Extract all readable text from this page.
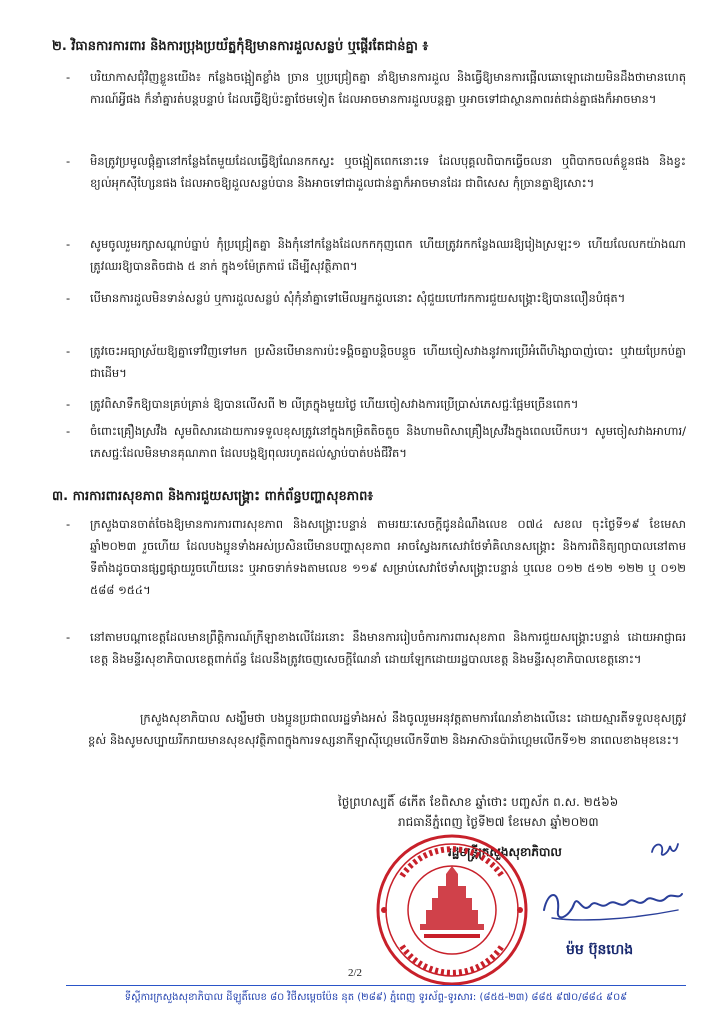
២. វិធានការការពារ និងការប្រុងប្រយ័ត្នកុំឱ្យមានការដួលសន្លប់ ឬផ្តើរតែជាន់គ្នា ៖
- បរិយាកាសជុំវិញខ្លួនយើង៖ កន្លែងចង្អៀតខ្លាំង ច្រាន ឬប្រជ្រៀតគ្នា នាំឱ្យមានការដួល និងធ្វើឱ្យមានការផ្អើលឆោឡោដោយមិនដឹងថាមានហេតុការណ៍អ្វីផង ក៏នាំគ្នារត់បន្តបន្ទាប់ ដែលធ្វើឱ្យប៉ះគ្នាថែមទៀត ដែលអាចមានការដួលបន្តគ្នា ឬអាចទៅជាស្ថានភាពរត់ជាន់គ្នាផងក៏អាចមាន។
- មិនត្រូវប្រមូលផ្តុំគ្នានៅកន្លែងតែមួយដែលធ្វើឱ្យណែនកកស្ទះ ឬចង្អៀតពេកនោះទេ ដែលបុគ្គលពិបាកធ្វើចលនា ឬពិបាកចលត៌ខ្លួនផង និងខ្វះខ្យល់អុកស៊ីហ្សែនផង ដែលអាចឱ្យដួលសន្លប់បាន និងអាចទៅជាដួលជាន់គ្នាក៏អាចមានដែរ ជាពិសេស កុំច្រានគ្នាឱ្យសោះ។
- សូមចូលរួមរក្សាសណ្តាប់ធ្នាប់ កុំប្រជ្រៀតគ្នា និងកុំនៅកន្លែងដែលកកកុញពេក ហើយត្រូវរកកន្លែងឈរឱ្យរៀងស្រឡះ១ ហើយលែលកយ៉ាងណាត្រូវឈរឱ្យបានតិចជាង ៥ នាក់ ក្នុង១ម៉ែត្រការ៉េ ដើម្បីសុវត្ថិភាព។
- បើមានការដួលមិនទាន់សន្លប់ ឬការដួលសន្លប់ សុំកុំនាំគ្នាទៅមើលអ្នកដួលនោះ សុំជួយហៅរកការជួយសង្គ្រោះឱ្យបានលឿនបំផុត។
- ត្រូវចេះអធ្យាស្រ័យឱ្យគ្នាទៅវិញទៅមក ប្រសិនបើមានការប៉ះទង្គិចគ្នាបន្តិចបន្តួច ហើយចៀសវាងនូវការប្រើអំពើហិង្សាបាញ់បោះ ឬវាយប្រែកប់គ្នា ជាដើម។
- ត្រូវពិសាទឹកឱ្យបានគ្រប់គ្រាន់ ឱ្យបានលើសពី ២ លីត្រក្នុងមួយថ្ងៃ ហើយចៀសវាងការប្រើប្រាស់ភេសជ្ជៈផ្អែមច្រើនពេក។
- ចំពោះគ្រឿងស្រវឹង សូមពិសារដោយការទទួលខុសត្រូវនៅក្នុងកម្រិតតិចតួច និងហាមពិសាគ្រឿងស្រវឹងក្នុងពេលបើកបរ។ សូមចៀសវាងអាហារ/ភេសជ្ជៈដែលមិនមានគុណភាព ដែលបង្កឱ្យពុលរហូតដល់ស្លាប់បាត់បង់ជីវិត។
៣. ការការពារសុខភាព និងការជួយសង្គ្រោះ ពាក់ព័ន្ធបញ្ហាសុខភាព៖
- ក្រសួងបានចាត់ចែងឱ្យមានការការពារសុខភាព និងសង្គ្រោះបន្ទាន់ តាមរយៈសេចក្តីជូនដំណឹងលេខ ០៧៤ សខល ចុះថ្ងៃទី១៩ ខែមេសា ឆ្នាំ២០២៣ រួចហើយ ដែលបងប្អូនទាំងអស់ប្រសិនបើមានបញ្ហាសុខភាព អាចស្វែងរកសេវាថែទាំគិលានសង្គ្រោះ និងការពិនិត្យព្យាបាលនៅតាមទីតាំងដូចបានផ្សព្វផ្សាយរួចហើយនេះ ឬអាចទាក់ទងតាមលេខ ១១៩ សម្រាប់សេវាថែទាំសង្គ្រោះបន្ទាន់ ឬលេខ ០១២ ៥១២ ១២២ ឬ ០១២ ៥៨៨ ១៥៤។
- នៅតាមបណ្តាខេត្តដែលមានព្រឹត្តិការណ៍ក្រីឡាខាងលើដែរនោះ នឹងមានការរៀបចំការការពារសុខភាព និងការជួយសង្គ្រោះបន្ទាន់ ដោយអាជ្ញាធរខេត្ត និងមន្ទីរសុខាភិបាលខេត្តពាក់ព័ន្ធ ដែលនឹងត្រូវចេញសេចក្តីណែនាំ ដោយឡែកដោយរដ្ឋបាលខេត្ត និងមន្ទីរសុខាភិបាលខេត្តនោះ។
ក្រសួងសុខាភិបាល សង្ឃឹមថា បងប្អូនប្រជាពលរដ្ឋទាំងអស់ នឹងចូលរួមអនុវត្តតាមការណែនាំខាងលើនេះ ដោយស្មារតីទទួលខុសត្រូវខ្ពស់ និងសូមសប្បាយរីករាយមានសុខសុវត្ថិភាពក្នុងការទស្សនាកីឡាស៊ីហ្គេមលើកទី៣២ និងអាស៊ានប៉ារ៉ាហ្គេមលើកទី១២ នាពេលខាងមុខនេះ។
ថ្ងៃព្រហស្បតិ៍ ៨កើត ខែពិសាខ ឆ្នាំថោះ បញ្ចស័ក ព.ស. ២៥៦៦
រាជធានីភ្នំពេញ ថ្ងៃទី២៧ ខែមេសា ឆ្នាំ២០២៣
រដ្ឋមន្ត្រីក្រសួងសុខាភិបាល
ម៉ម ប៊ុនហេង
2/2
ទីស្តីការក្រសួងសុខាភិបាល ដីឡូតិ៍លេខ ៨០ វិថីសម្តេចប៉ែន នុត (២៨៩) ភ្នំពេញ ទូរស័ព្ទ-ទូរសារ: (៨៥៥-២៣) ៨៨៥ ៩៧០/៨៨៤ ៩០៩
